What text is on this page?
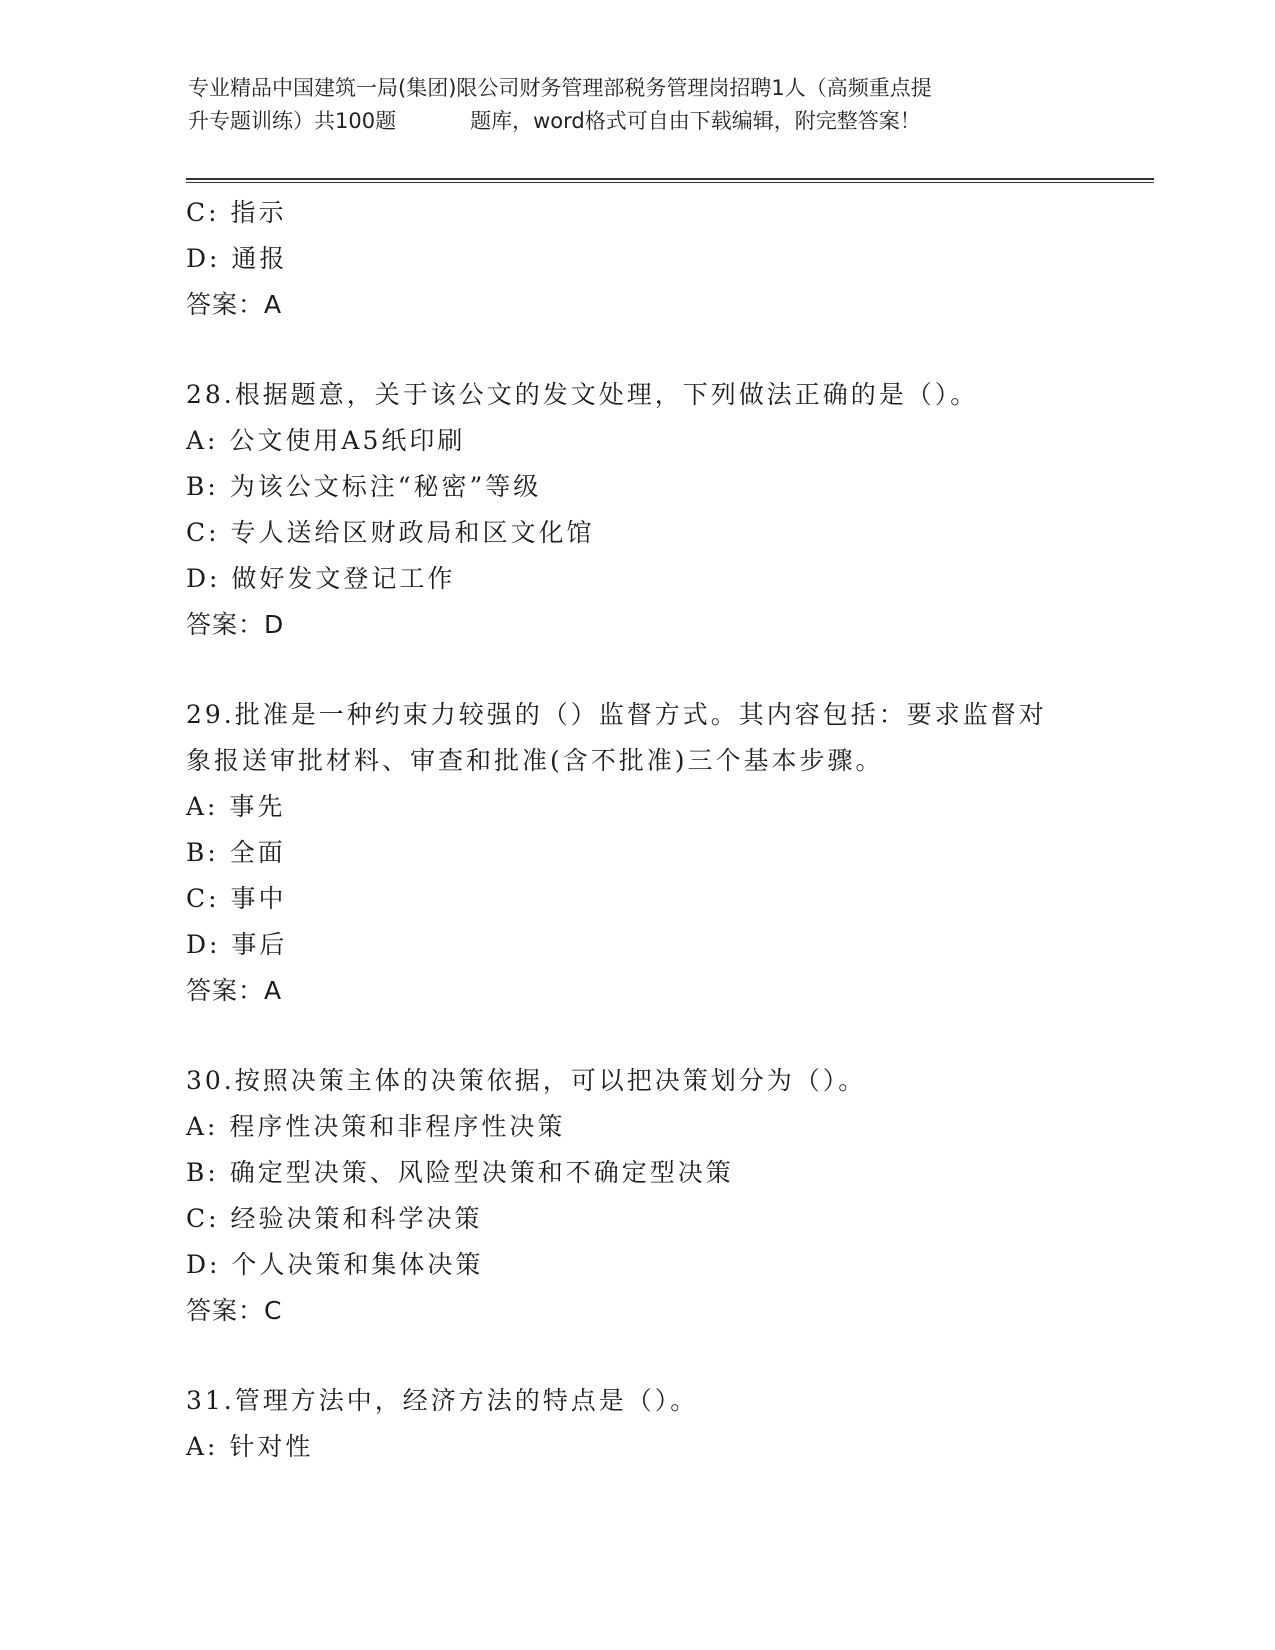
专业精品中国建筑一局(集团)限公司财务管理部税务管理岗招聘1人（高频重点提
升专题训练）共100题	题库，word格式可自由下载编辑，附完整答案！
C: 指示
D: 通报
答案：A
28.根据题意，关于该公文的发文处理，下列做法正确的是（）。
A: 公文使用A5纸印刷
B: 为该公文标注“秘密”等级
C: 专人送给区财政局和区文化馆
D: 做好发文登记工作
答案：D
29.批准是一种约束力较强的（）监督方式。其内容包括：要求监督对
象报送审批材料、审查和批准(含不批准)三个基本步骤。
A: 事先
B: 全面
C: 事中
D: 事后
答案：A
30.按照决策主体的决策依据，可以把决策划分为（）。
A: 程序性决策和非程序性决策
B: 确定型决策、风险型决策和不确定型决策
C: 经验决策和科学决策
D: 个人决策和集体决策
答案：C
31.管理方法中，经济方法的特点是（）。
A: 针对性
